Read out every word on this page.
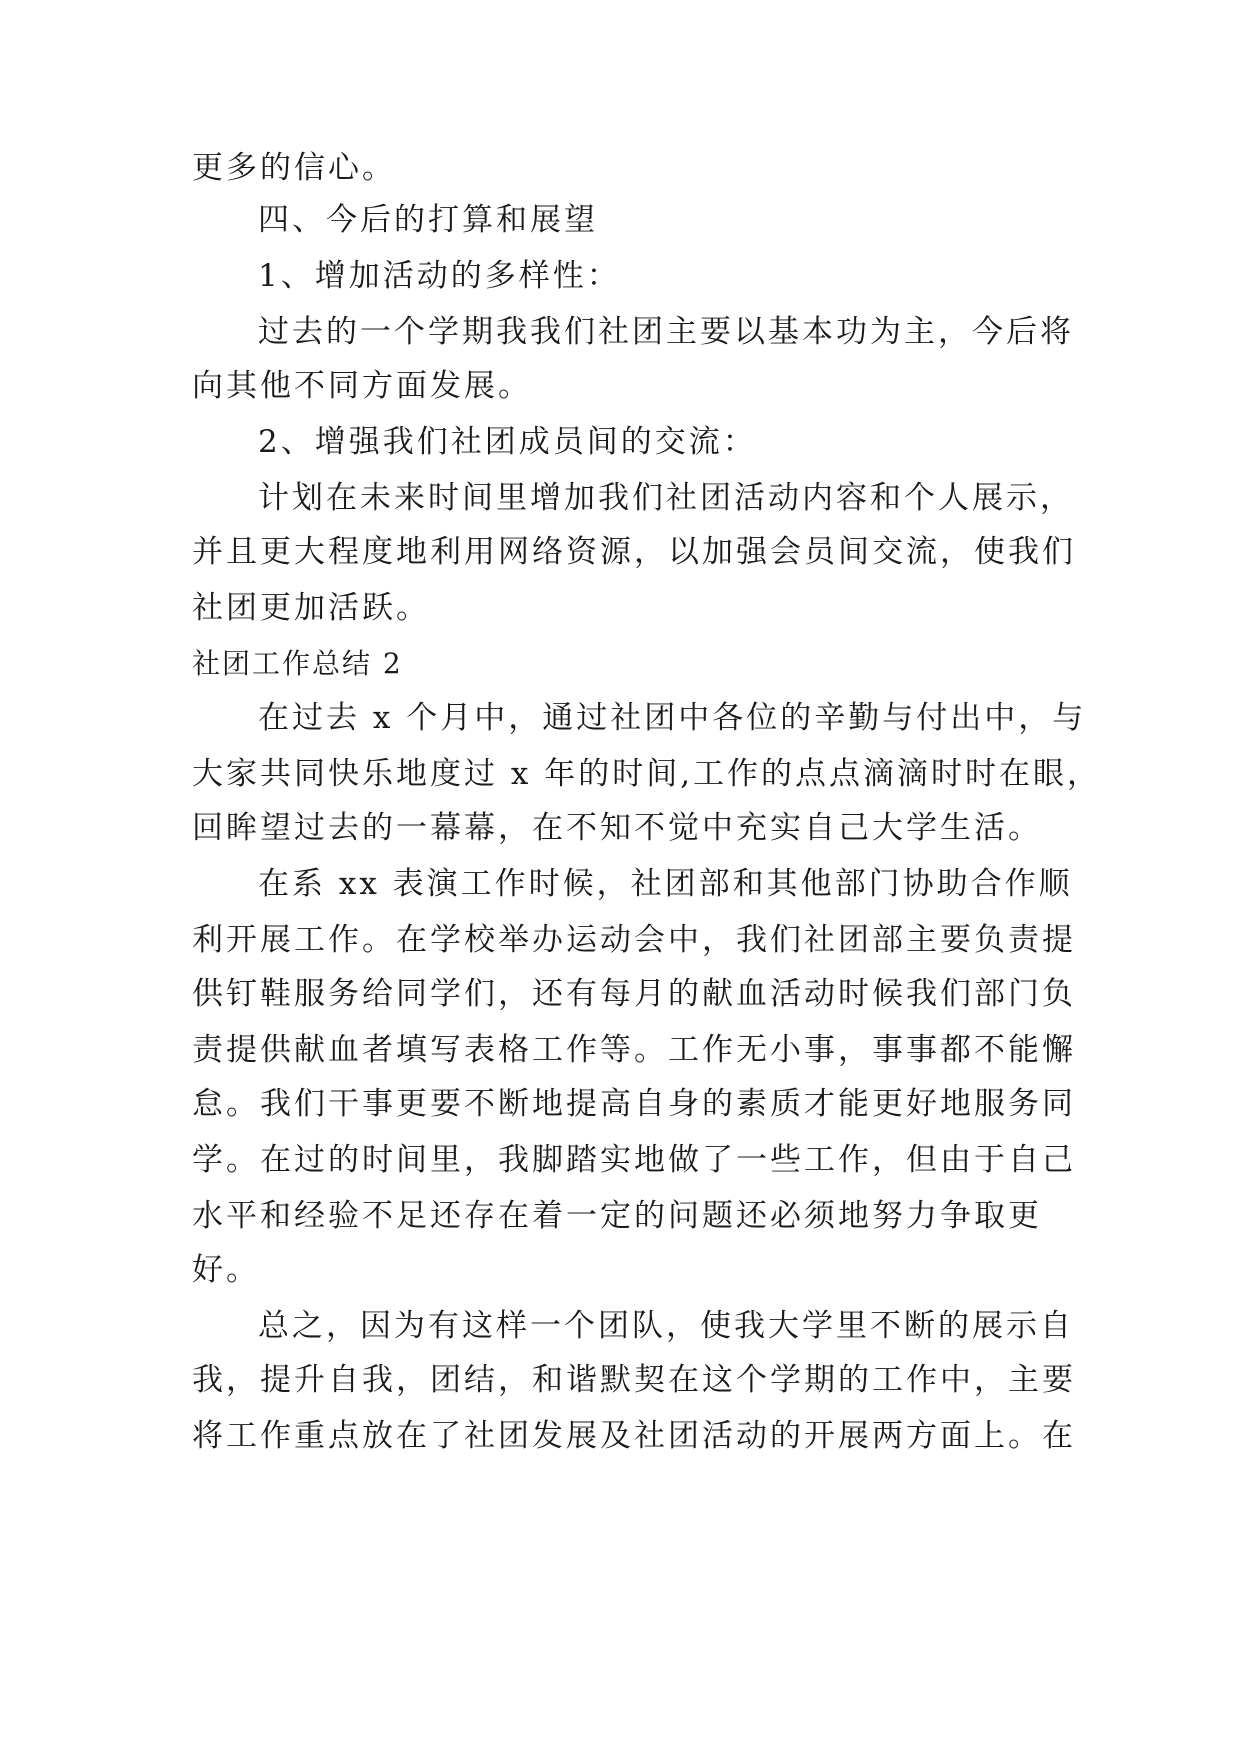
更多的信心。
四、今后的打算和展望
1、增加活动的多样性：
过去的一个学期我我们社团主要以基本功为主，今后将
向其他不同方面发展。
2、增强我们社团成员间的交流：
计划在未来时间里增加我们社团活动内容和个人展示，
并且更大程度地利用网络资源，以加强会员间交流，使我们
社团更加活跃。
社团工作总结 2
在过去 x 个月中，通过社团中各位的辛勤与付出中，与
大家共同快乐地度过 x 年的时间,工作的点点滴滴时时在眼，
回眸望过去的一幕幕，在不知不觉中充实自己大学生活。
在系 xx 表演工作时候，社团部和其他部门协助合作顺
利开展工作。在学校举办运动会中，我们社团部主要负责提
供钉鞋服务给同学们，还有每月的献血活动时候我们部门负
责提供献血者填写表格工作等。工作无小事，事事都不能懈
怠。我们干事更要不断地提高自身的素质才能更好地服务同
学。在过的时间里，我脚踏实地做了一些工作，但由于自己
水平和经验不足还存在着一定的问题还必须地努力争取更
好。
总之，因为有这样一个团队，使我大学里不断的展示自
我，提升自我，团结，和谐默契在这个学期的工作中，主要
将工作重点放在了社团发展及社团活动的开展两方面上。在
